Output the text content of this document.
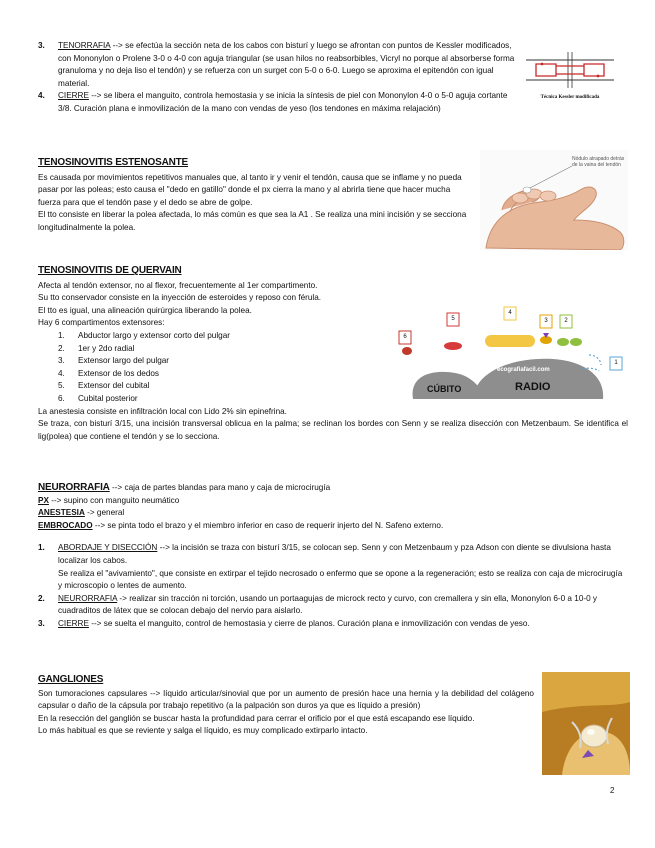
3. TENORRAFIA --> se efectúa la sección neta de los cabos con bisturí y luego se afrontan con puntos de Kessler modificados, con Mononylon o Prolene 3-0 o 4-0 con aguja triangular (se usan hilos no reabsorbibles, Vicryl no porque al absorberse forma granuloma y no deja liso el tendón) y se refuerza con un surget con 5-0 o 6-0. Luego se aproxima el epitendón con igual material.

4. CIERRE --> se libera el manguito, controla hemostasia y se inicia la síntesis de piel con Mononylon 4-0 o 5-0 aguja cortante 3/8. Curación plana e inmovilización de la mano con vendas de yeso (los tendones en máxima relajación)

Técnica Kessler modificada

TENOSINOVITIS ESTENOSANTE

Es causada por movimientos repetitivos manuales que, al tanto ir y venir el tendón, causa que se inflame y no pueda pasar por las poleas; esto causa el "dedo en gatillo" donde el px cierra la mano y al abrirla tiene que hacer mucha fuerza para que el tendón pase y el dedo se abre de golpe.

El tto consiste en liberar la polea afectada, lo más común es que sea la A1 . Se realiza una mini incisión y se secciona longitudinalmente la polea.

Nódulo atrapado detrás de la vaina del tendón

TENOSINOVITIS DE QUERVAIN

Afecta al tendón extensor, no al flexor, frecuentemente al 1er compartimento.

Su tto conservador consiste en la inyección de esteroides y reposo con férula.

El tto es igual, una alineación quirúrgica liberando la polea.

Hay 6 compartimentos extensores:

1. Abductor largo y extensor corto del pulgar
2. 1er y 2do radial
3. Extensor largo del pulgar
4. Extensor de los dedos
5. Extensor del cubital
6. Cubital posterior

La anestesia consiste en infiltración local con Lido 2% sin epinefrina.

Se traza, con bisturí 3/15, una incisión transversal oblicua en la palma; se reclinan los bordes con Senn y se realiza disección con Metzenbaum. Se identifica el lig(polea) que contiene el tendón y se lo secciona.

6
5
4
3	2
1
ecografiafacil.com
CÚBITO	RADIO

NEURORRAFIA --> caja de partes blandas para mano y caja de microcirugía

PX --> supino con manguito neumático

ANESTESIA -> general

EMBROCADO --> se pinta todo el brazo y el miembro inferior en caso de requerir injerto del N. Safeno externo.

1. ABORDAJE Y DISECCIÓN --> la incisión se traza con bisturí 3/15, se colocan sep. Senn y con Metzenbaum y pza Adson con diente se divulsiona hasta localizar los cabos.

Se realiza el "avivamiento", que consiste en extirpar el tejido necrosado o enfermo que se opone a la regeneración; esto se realiza con caja de microcirugía y microscopio o lentes de aumento.

2. NEURORRAFIA -> realizar sin tracción ni torción, usando un portaagujas de microck recto y curvo, con cremallera y sin ella, Mononylon 6-0 a 10-0 y cuadraditos de látex que se colocan debajo del nervio para aislarlo.

3. CIERRE --> se suelta el manguito, control de hemostasia y cierre de planos. Curación plana e inmovilización con vendas de yeso.

GANGLIONES

Son tumoraciones capsulares --> líquido articular/sinovial que por un aumento de presión hace una hernia y la debilidad del colágeno capsular o daño de la cápsula por trabajo repetitivo (a la palpación son duros ya que es líquido a presión)

En la resección del ganglión se buscar hasta la profundidad para cerrar el orificio por el que está escapando ese líquido.

Lo más habitual es que se reviente y salga el líquido, es muy complicado extirparlo intacto.

2
